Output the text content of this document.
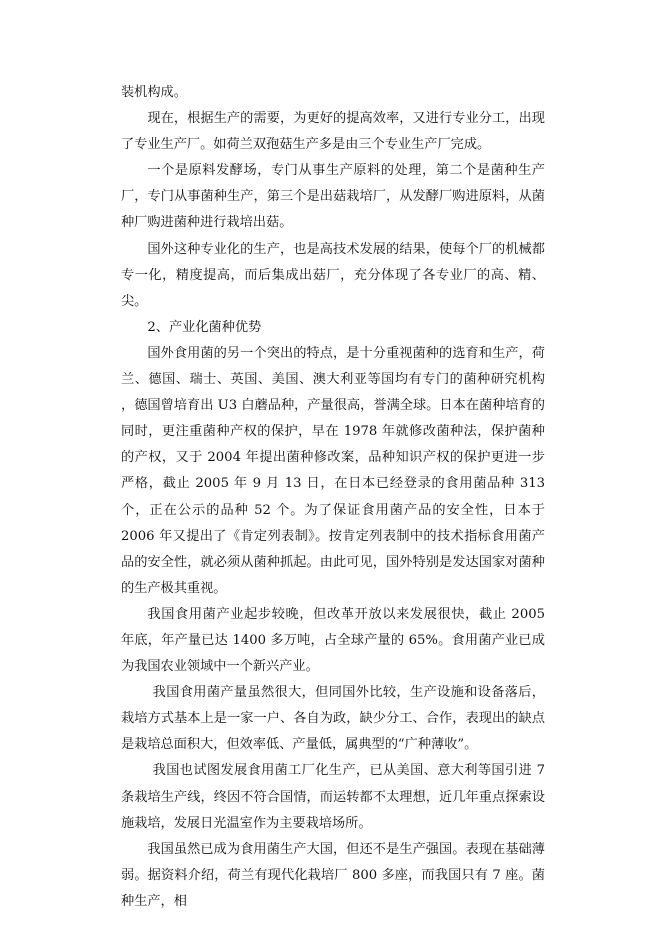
装机构成。

现在，根据生产的需要，为更好的提高效率，又进行专业分工，出现了专业生产厂。如荷兰双孢菇生产多是由三个专业生产厂完成。

一个是原料发酵场，专门从事生产原料的处理，第二个是菌种生产厂，专门从事菌种生产，第三个是出菇栽培厂，从发酵厂购进原料，从菌种厂购进菌种进行栽培出菇。

国外这种专业化的生产，也是高技术发展的结果，使每个厂的机械都专一化，精度提高，而后集成出菇厂，充分体现了各专业厂的高、精、尖。

2、产业化菌种优势

国外食用菌的另一个突出的特点，是十分重视菌种的选育和生产，荷兰、德国、瑞士、英国、美国、澳大利亚等国均有专门的菌种研究机构 ，德国曾培育出 U3 白蘑品种，产量很高，誉满全球。日本在菌种培育的同时，更注重菌种产权的保护，早在 1978 年就修改菌种法，保护菌种的产权，又于 2004 年提出菌种修改案，品种知识产权的保护更进一步严格，截止 2005 年 9 月 13 日，在日本已经登录的食用菌品种 313 个，正在公示的品种 52 个。为了保证食用菌产品的安全性，日本于 2006 年又提出了《肯定列表制》。按肯定列表制中的技术指标食用菌产品的安全性，就必须从菌种抓起。由此可见，国外特别是发达国家对菌种的生产极其重视。

我国食用菌产业起步较晚，但改革开放以来发展很快，截止 2005 年底，年产量已达 1400 多万吨，占全球产量的 65%。食用菌产业已成为我国农业领域中一个新兴产业。

我国食用菌产量虽然很大，但同国外比较，生产设施和设备落后，栽培方式基本上是一家一户、各自为政，缺少分工、合作，表现出的缺点是栽培总面积大，但效率低、产量低，属典型的“广种薄收”。

我国也试图发展食用菌工厂化生产，已从美国、意大利等国引进 7 条栽培生产线，终因不符合国情，而运转都不太理想，近几年重点探索设施栽培，发展日光温室作为主要栽培场所。

我国虽然已成为食用菌生产大国，但还不是生产强国。表现在基础薄弱。据资料介绍，荷兰有现代化栽培厂 800 多座，而我国只有 7 座。菌种生产，相
